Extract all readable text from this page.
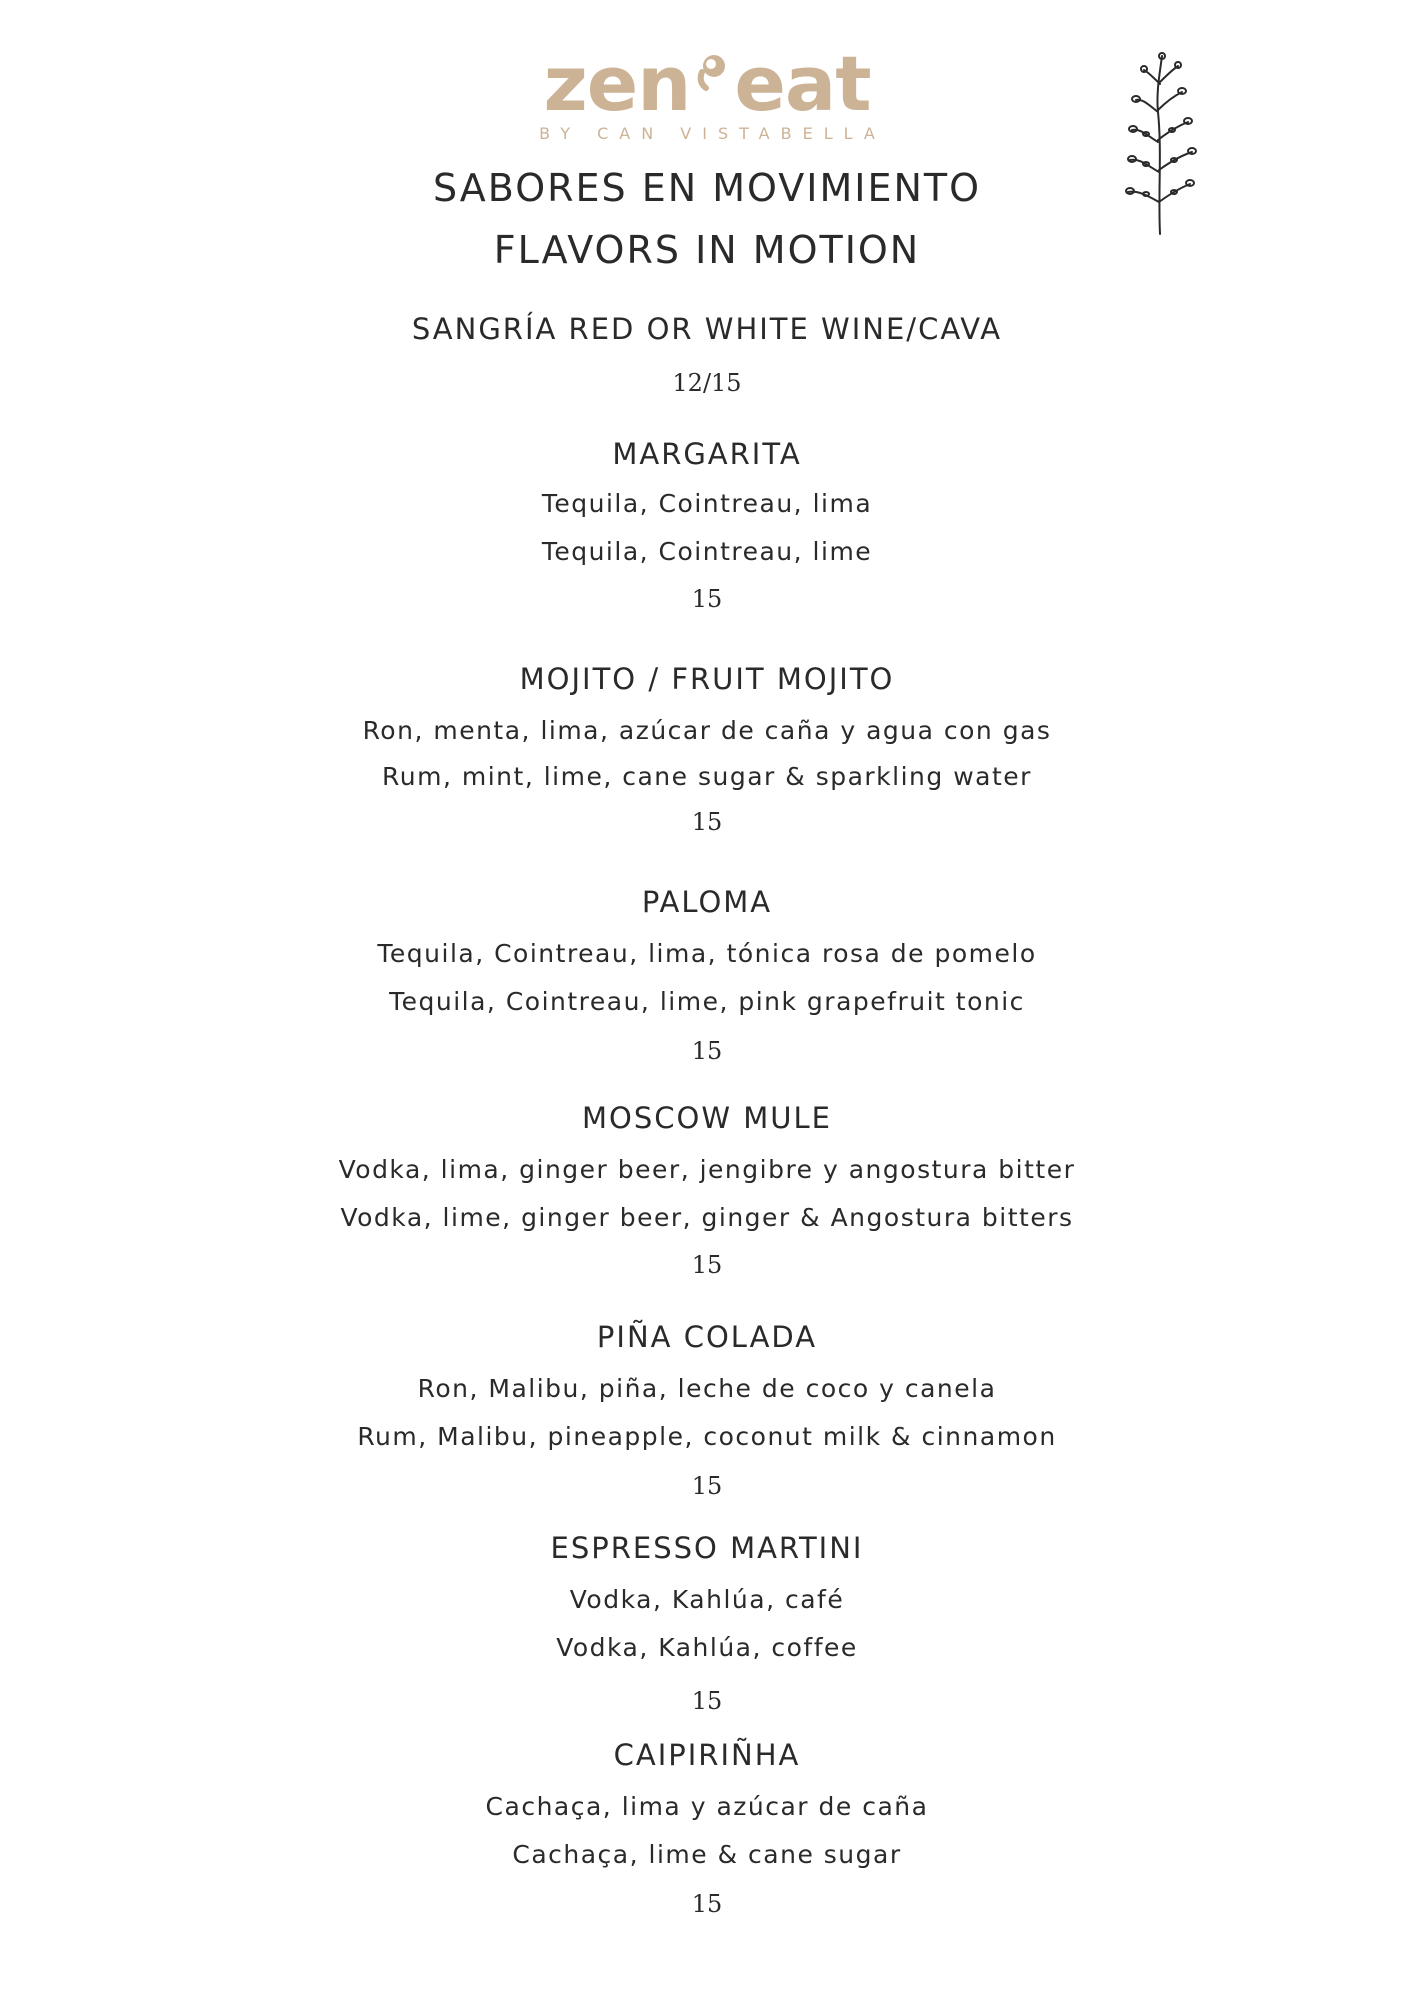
zen eat
BY CAN VISTABELLA
SABORES EN MOVIMIENTO
FLAVORS IN MOTION
SANGRÍA RED OR WHITE WINE/CAVA
12/15
MARGARITA
Tequila, Cointreau, lima
Tequila, Cointreau, lime
15
MOJITO / FRUIT MOJITO
Ron, menta, lima, azúcar de caña y agua con gas
Rum, mint, lime, cane sugar & sparkling water
15
PALOMA
Tequila, Cointreau, lima, tónica rosa de pomelo
Tequila, Cointreau, lime, pink grapefruit tonic
15
MOSCOW MULE
Vodka, lima, ginger beer, jengibre y angostura bitter
Vodka, lime, ginger beer, ginger & Angostura bitters
15
PIÑA COLADA
Ron, Malibu, piña, leche de coco y canela
Rum, Malibu, pineapple, coconut milk & cinnamon
15
ESPRESSO MARTINI
Vodka, Kahlúa, café
Vodka, Kahlúa, coffee
15
CAIPIRIÑHA
Cachaça, lima y azúcar de caña
Cachaça, lime & cane sugar
15
